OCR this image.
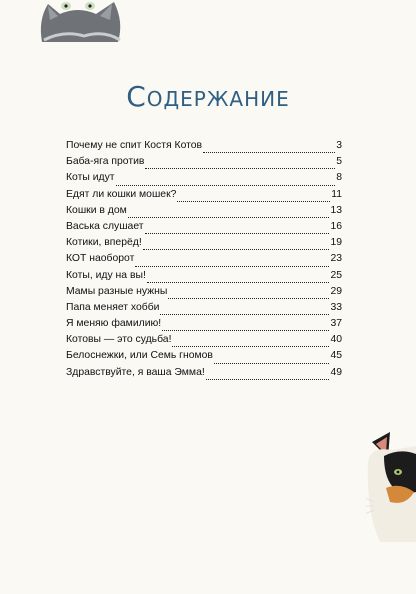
Содержание
Почему не спит Костя Котов	3
Баба-яга против	5
Коты идут	8
Едят ли кошки мошек?	11
Кошки в дом	13
Васька слушает	16
Котики, вперёд!	19
КОТ наоборот	23
Коты, иду на вы!	25
Мамы разные нужны	29
Папа меняет хобби	33
Я меняю фамилию!	37
Котовы — это судьба!	40
Белоснежки, или Семь гномов	45
Здравствуйте, я ваша Эмма!	49
